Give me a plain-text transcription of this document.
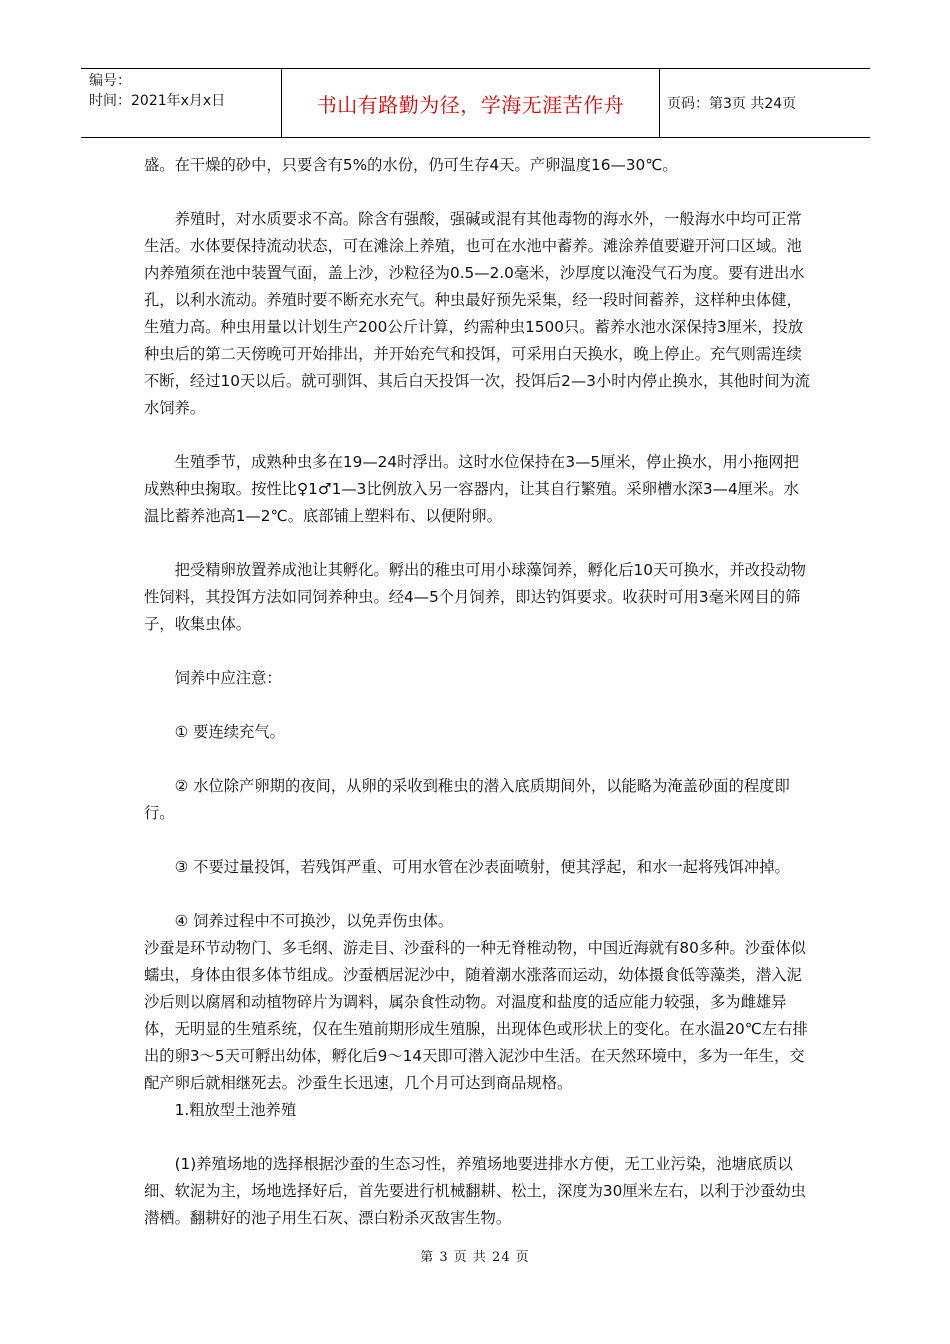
编号：
时间：2021年x月x日	书山有路勤为径，学海无涯苦作舟	页码：第3页 共24页

盛。在干燥的砂中，只要含有5%的水份，仍可生存4天。产卵温度16—30℃。

养殖时，对水质要求不高。除含有强酸，强碱或混有其他毒物的海水外，一般海水中均可正常生活。水体要保持流动状态，可在滩涂上养殖，也可在水池中蓄养。滩涂养值要避开河口区域。池内养殖须在池中装置气面，盖上沙，沙粒径为0.5—2.0毫米，沙厚度以淹没气石为度。要有进出水孔，以利水流动。养殖时要不断充水充气。种虫最好预先采集，经一段时间蓄养，这样种虫体健，生殖力高。种虫用量以计划生产200公斤计算，约需种虫1500只。蓄养水池水深保持3厘米，投放种虫后的第二天傍晚可开始排出，并开始充气和投饵，可采用白天换水，晚上停止。充气则需连续不断，经过10天以后。就可驯饵、其后白天投饵一次，投饵后2—3小时内停止换水，其他时间为流水饲养。

生殖季节，成熟种虫多在19—24时浮出。这时水位保持在3—5厘米，停止换水，用小拖网把成熟种虫掬取。按性比♀1♂1—3比例放入另一容器内，让其自行繁殖。采卵槽水深3—4厘米。水温比蓄养池高1—2℃。底部铺上塑料布、以便附卵。

把受精卵放置养成池让其孵化。孵出的稚虫可用小球藻饲养，孵化后10天可换水，并改投动物性饲料，其投饵方法如同饲养种虫。经4—5个月饲养，即达钓饵要求。收获时可用3毫米网目的筛子，收集虫体。

饲养中应注意：

① 要连续充气。

② 水位除产卵期的夜间，从卵的采收到稚虫的潜入底质期间外，以能略为淹盖砂面的程度即行。

③ 不要过量投饵，若残饵严重、可用水管在沙表面喷射，便其浮起，和水一起将残饵冲掉。

④ 饲养过程中不可换沙，以免弄伤虫体。

沙蚕是环节动物门、多毛纲、游走目、沙蚕科的一种无脊椎动物，中国近海就有80多种。沙蚕体似蠕虫，身体由很多体节组成。沙蚕栖居泥沙中，随着潮水涨落而运动，幼体摄食低等藻类，潜入泥沙后则以腐屑和动植物碎片为调料，属杂食性动物。对温度和盐度的适应能力较强，多为雌雄异体，无明显的生殖系统，仅在生殖前期形成生殖腺，出现体色或形状上的变化。在水温20℃左右排出的卵3～5天可孵出幼体，孵化后9～14天即可潜入泥沙中生活。在天然环境中，多为一年生，交配产卵后就相继死去。沙蚕生长迅速，几个月可达到商品规格。

1.粗放型土池养殖

(1)养殖场地的选择根据沙蚕的生态习性，养殖场地要进排水方便，无工业污染，池塘底质以细、软泥为主，场地选择好后，首先要进行机械翻耕、松土，深度为30厘米左右，以利于沙蚕幼虫潜栖。翻耕好的池子用生石灰、漂白粉杀灭敌害生物。

第 3 页 共 24 页
